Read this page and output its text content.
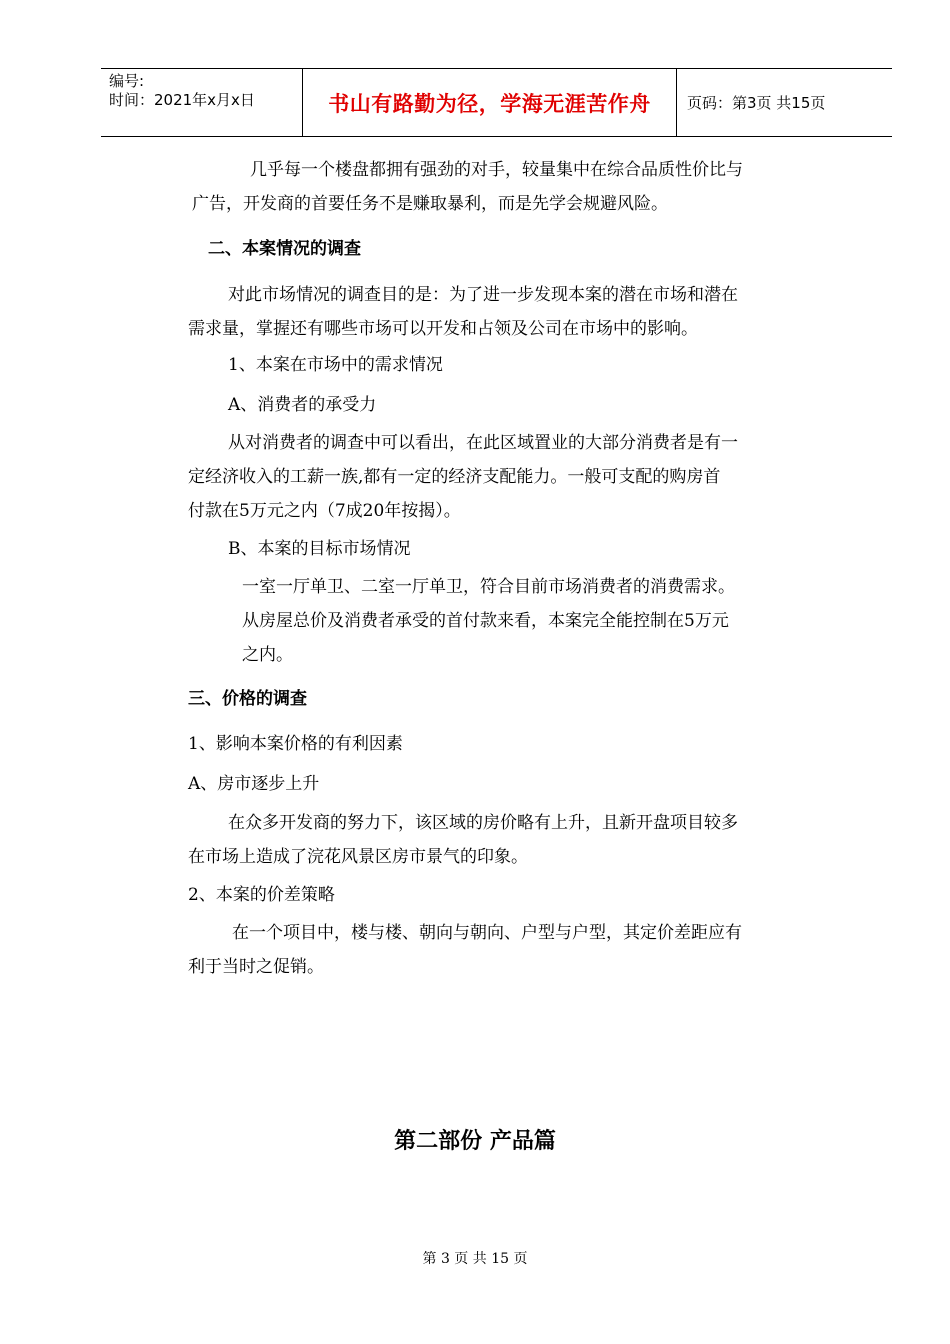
编号:
时间：2021年x月x日	书山有路勤为径，学海无涯苦作舟	页码：第3页 共15页
几乎每一个楼盘都拥有强劲的对手，较量集中在综合品质性价比与
广告，开发商的首要任务不是赚取暴利，而是先学会规避风险。
二、本案情况的调查
对此市场情况的调查目的是：为了进一步发现本案的潜在市场和潜在
需求量，掌握还有哪些市场可以开发和占领及公司在市场中的影响。
1、本案在市场中的需求情况
A、消费者的承受力
从对消费者的调查中可以看出，在此区域置业的大部分消费者是有一
定经济收入的工薪一族,都有一定的经济支配能力。一般可支配的购房首
付款在5万元之内（7成20年按揭）。
B、本案的目标市场情况
一室一厅单卫、二室一厅单卫，符合目前市场消费者的消费需求。
从房屋总价及消费者承受的首付款来看，本案完全能控制在5万元
之内。
三、价格的调查
1、影响本案价格的有利因素
A、房市逐步上升
在众多开发商的努力下，该区域的房价略有上升，且新开盘项目较多
在市场上造成了浣花风景区房市景气的印象。
2、本案的价差策略
在一个项目中，楼与楼、朝向与朝向、户型与户型，其定价差距应有
利于当时之促销。
第二部份 产品篇
第 3 页 共 15 页
